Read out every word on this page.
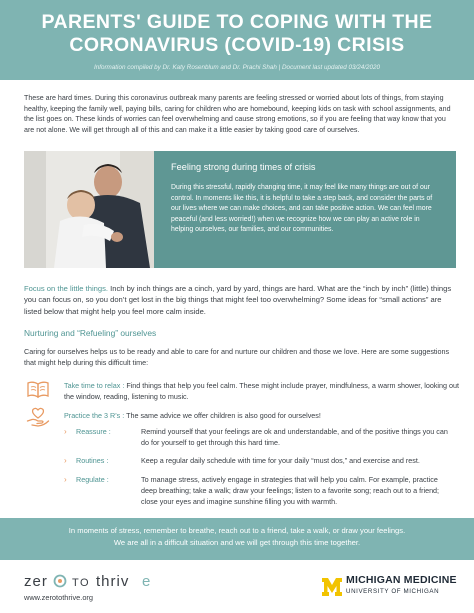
PARENTS' GUIDE TO COPING WITH THE
CORONAVIRUS (COVID-19) CRISIS
Information compiled by Dr. Katy Rosenblum and Dr. Prachi Shah | Document last updated 03/24/2020

These are hard times. During this coronavirus outbreak many parents are feeling stressed or worried about lots of things, from staying healthy, keeping the family well, paying bills, caring for children who are homebound, keeping kids on task with school assignments, and the list goes on. These kinds of worries can feel overwhelming and cause strong emotions, so if you are feeling that way know that you are not alone. We will get through all of this and can make it a little easier by taking good care of ourselves.

Feeling strong during times of crisis
During this stressful, rapidly changing time, it may feel like many things are out of our control. In moments like this, it is helpful to take a step back, and consider the parts of our lives where we can make choices, and can take positive action. We can feel more peaceful (and less worried!) when we recognize how we can play an active role in helping ourselves, our families, and our communities.

Focus on the little things. Inch by inch things are a cinch, yard by yard, things are hard. What are the “inch by inch” (little) things you can focus on, so you don’t get lost in the big things that might feel too overwhelming? Some ideas for “small actions” are listed below that might help you feel more calm inside.

Nurturing and “Refueling” ourselves

Caring for ourselves helps us to be ready and able to care for and nurture our children and those we love. Here are some suggestions that might help during this difficult time:

Take time to relax : Find things that help you feel calm. These might include prayer, mindfulness, a warm shower, looking out the window, reading, listening to music.

Practice the 3 R’s : The same advice we offer children is also good for ourselves!

› Reassure :	Remind yourself that your feelings are ok and understandable, and of the positive things you can do for yourself to get through this hard time.
› Routines :	Keep a regular daily schedule with time for your daily “must dos,” and exercise and rest.
› Regulate :	To manage stress, actively engage in strategies that will help you calm. For example, practice deep breathing; take a walk; draw your feelings; listen to a favorite song; reach out to a friend; close your eyes and imagine sunshine filling you with warmth.
In moments of stress, remember to breathe, reach out to a friend, take a walk, or draw your feelings.
We are all in a difficult situation and we will get through this time together.
zer TO thriv e
www.zerotothrive.org
MICHIGAN MEDICINE
UNIVERSITY OF MICHIGAN
